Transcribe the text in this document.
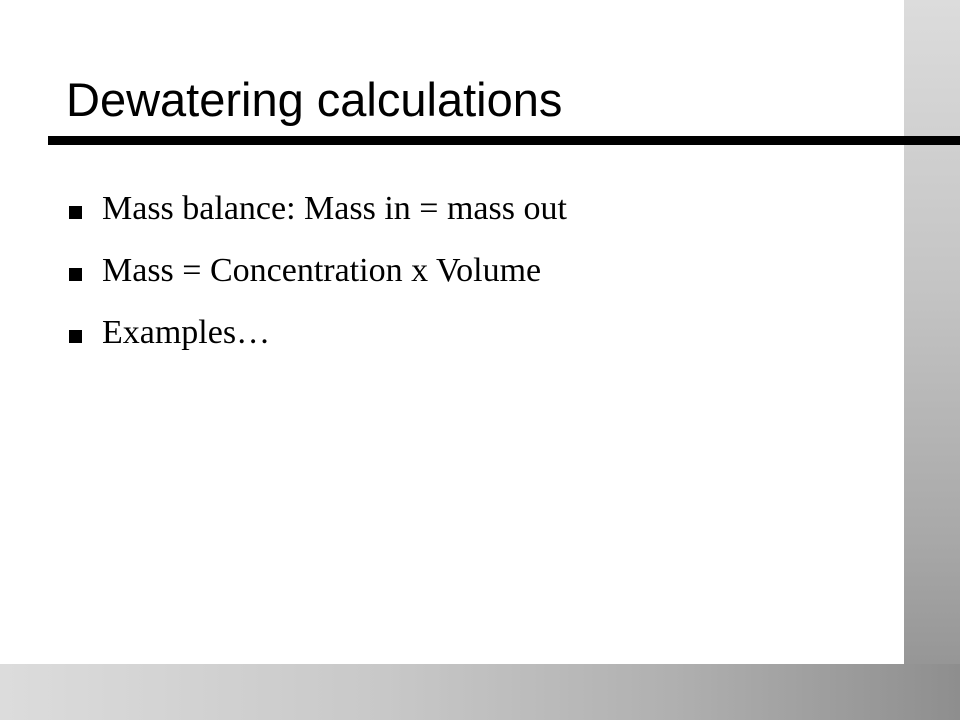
Dewatering calculations
Mass balance: Mass in = mass out
Mass = Concentration x Volume
Examples…
